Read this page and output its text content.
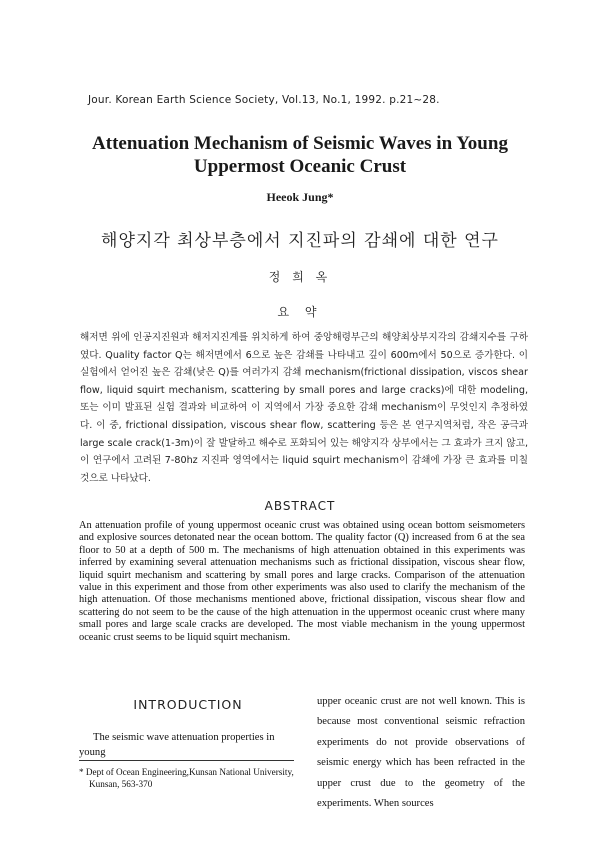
Jour. Korean Earth Science Society, Vol.13, No.1, 1992. p.21~28.
Attenuation Mechanism of Seismic Waves in Young
Uppermost Oceanic Crust
Heeok Jung*
해양지각 최상부층에서 지진파의 감쇄에 대한 연구
정 희 옥
요 약
해저면 위에 인공지진원과 해저지진계를 위치하게 하여 중앙해령부근의 해양최상부지각의 감쇄지수를 구하였다. Quality factor Q는 해저면에서 6으로 높은 감쇄를 나타내고 깊이 600m에서 50으로 증가한다. 이 실험에서 얻어진 높은 감쇄(낮은 Q)를 여러가지 감쇄 mechanism(frictional dissipation, viscos shear flow, liquid squirt mechanism, scattering by small pores and large cracks)에 대한 modeling, 또는 이미 발표된 실험 결과와 비교하여 이 지역에서 가장 중요한 감쇄 mechanism이 무엇인지 추정하였다. 이 중, frictional dissipation, viscous shear flow, scattering 등은 본 연구지역처럼, 작은 공극과 large scale crack(1-3m)이 잘 발달하고 해수로 포화되어 있는 해양지각 상부에서는 그 효과가 크지 않고, 이 연구에서 고려된 7-80hz 지진파 영역에서는 liquid squirt mechanism이 감쇄에 가장 큰 효과를 미칠 것으로 나타났다.
ABSTRACT
An attenuation profile of young uppermost oceanic crust was obtained using ocean bottom seismometers and explosive sources detonated near the ocean bottom. The quality factor (Q) increased from 6 at the sea floor to 50 at a depth of 500 m. The mechanisms of high attenuation obtained in this experiments was inferred by examining several attenuation mechanisms such as frictional dissipation, viscous shear flow, liquid squirt mechanism and scattering by small pores and large cracks. Comparison of the attenuation value in this experiment and those from other experiments was also used to clarify the mechanism of the high attenuation. Of those mechanisms mentioned above, frictional dissipation, viscous shear flow and scattering do not seem to be the cause of the high attenuation in the uppermost oceanic crust where many small pores and large scale cracks are developed. The most viable mechanism in the young uppermost oceanic crust seems to be liquid squirt mechanism.
INTRODUCTION
The seismic wave attenuation properties in young
* Dept of Ocean Engineering,Kunsan National University, Kunsan, 563-370
upper oceanic crust are not well known. This is because most conventional seismic refraction experiments do not provide observations of seismic energy which has been refracted in the upper crust due to the geometry of the experiments. When sources
